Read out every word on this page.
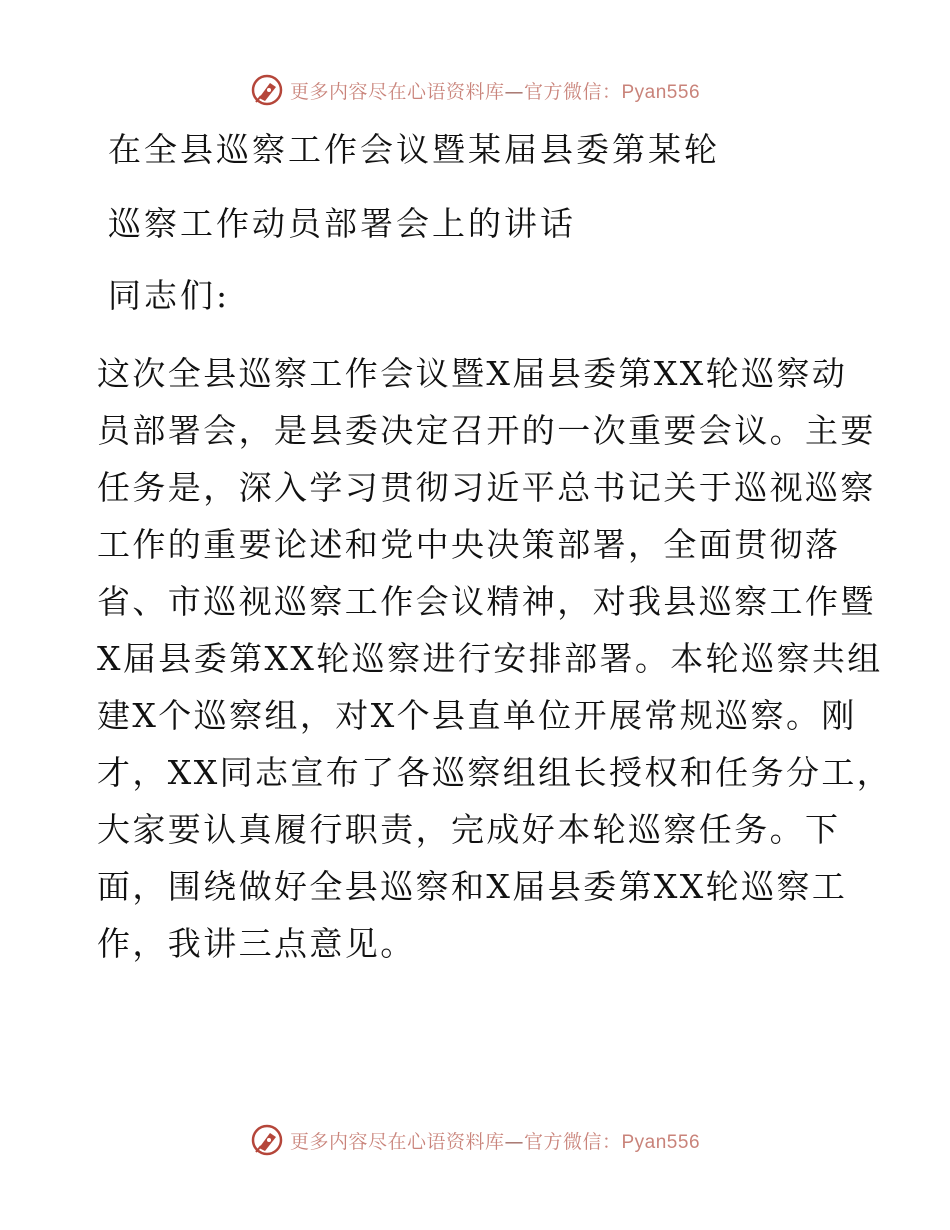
更多内容尽在心语资料库—官方微信：Pyan556
在全县巡察工作会议暨某届县委第某轮
巡察工作动员部署会上的讲话
同志们:
这次全县巡察工作会议暨X届县委第XX轮巡察动
员部署会，是县委决定召开的一次重要会议。主要
任务是，深入学习贯彻习近平总书记关于巡视巡察
工作的重要论述和党中央决策部署，全面贯彻落
省、市巡视巡察工作会议精神，对我县巡察工作暨
X届县委第XX轮巡察进行安排部署。本轮巡察共组
建X个巡察组，对X个县直单位开展常规巡察。刚
才，XX同志宣布了各巡察组组长授权和任务分工，
大家要认真履行职责，完成好本轮巡察任务。下
面，围绕做好全县巡察和X届县委第XX轮巡察工
作，我讲三点意见。
更多内容尽在心语资料库—官方微信：Pyan556
